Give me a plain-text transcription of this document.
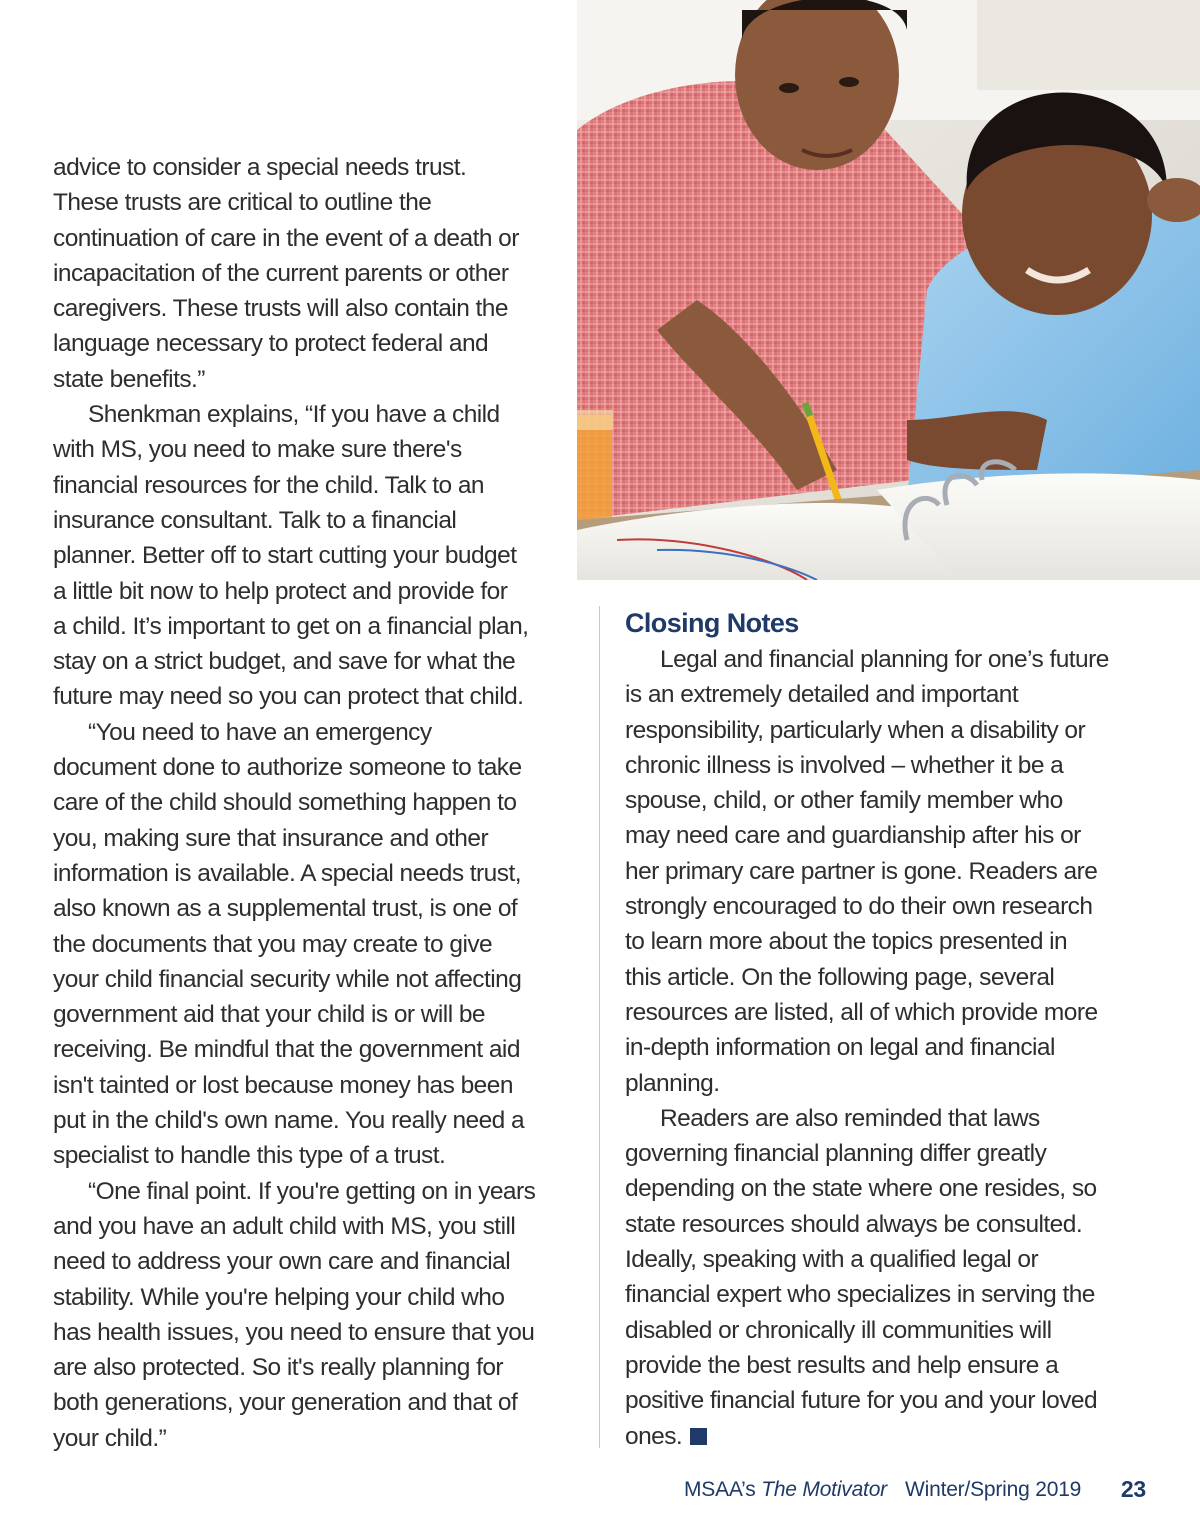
advice to consider a special needs trust.
These trusts are critical to outline the
continuation of care in the event of a death or
incapacitation of the current parents or other
caregivers. These trusts will also contain the
language necessary to protect federal and
state benefits.”
Shenkman explains, “If you have a child
with MS, you need to make sure there's
financial resources for the child. Talk to an
insurance consultant. Talk to a financial
planner. Better off to start cutting your budget
a little bit now to help protect and provide for
a child. It’s important to get on a financial plan,
stay on a strict budget, and save for what the
future may need so you can protect that child.
“You need to have an emergency
document done to authorize someone to take
care of the child should something happen to
you, making sure that insurance and other
information is available. A special needs trust,
also known as a supplemental trust, is one of
the documents that you may create to give
your child financial security while not affecting
government aid that your child is or will be
receiving. Be mindful that the government aid
isn't tainted or lost because money has been
put in the child's own name. You really need a
specialist to handle this type of a trust.
“One final point. If you're getting on in years
and you have an adult child with MS, you still
need to address your own care and financial
stability. While you're helping your child who
has health issues, you need to ensure that you
are also protected. So it's really planning for
both generations, your generation and that of
your child.”
Closing Notes
Legal and financial planning for one’s future
is an extremely detailed and important
responsibility, particularly when a disability or
chronic illness is involved – whether it be a
spouse, child, or other family member who
may need care and guardianship after his or
her primary care partner is gone. Readers are
strongly encouraged to do their own research
to learn more about the topics presented in
this article. On the following page, several
resources are listed, all of which provide more
in-depth information on legal and financial
planning.
Readers are also reminded that laws
governing financial planning differ greatly
depending on the state where one resides, so
state resources should always be consulted.
Ideally, speaking with a qualified legal or
financial expert who specializes in serving the
disabled or chronically ill communities will
provide the best results and help ensure a
positive financial future for you and your loved
ones.
MSAA’s The Motivator Winter/Spring 2019 23
